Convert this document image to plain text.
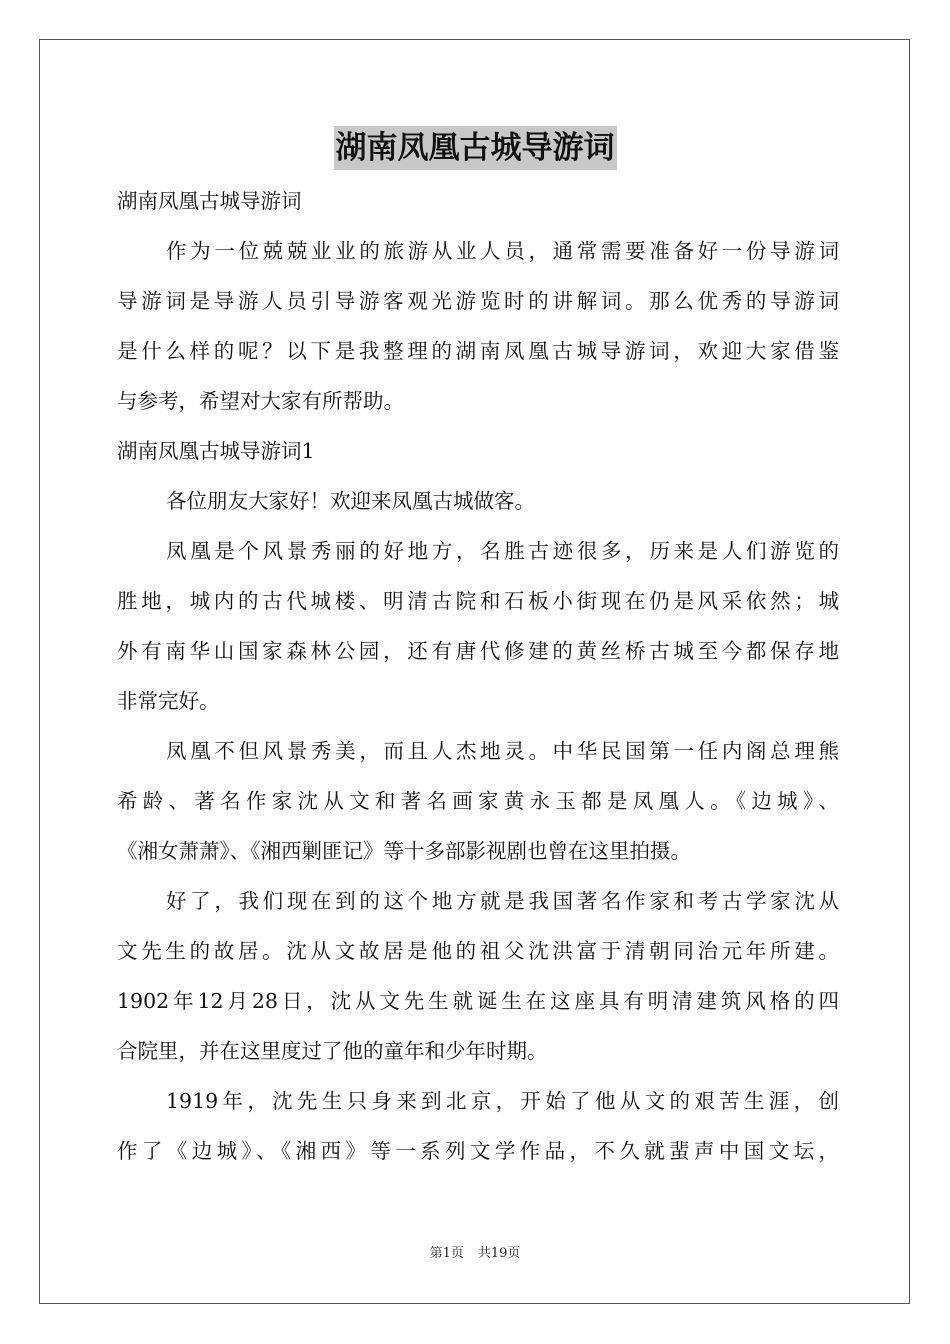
湖南凤凰古城导游词
湖南凤凰古城导游词
作为一位兢兢业业的旅游从业人员，通常需要准备好一份导游词
导游词是导游人员引导游客观光游览时的讲解词。那么优秀的导游词
是什么样的呢？以下是我整理的湖南凤凰古城导游词，欢迎大家借鉴
与参考，希望对大家有所帮助。
湖南凤凰古城导游词1
各位朋友大家好！欢迎来凤凰古城做客。
凤凰是个风景秀丽的好地方，名胜古迹很多，历来是人们游览的
胜地，城内的古代城楼、明清古院和石板小街现在仍是风采依然；城
外有南华山国家森林公园，还有唐代修建的黄丝桥古城至今都保存地
非常完好。
凤凰不但风景秀美，而且人杰地灵。中华民国第一任内阁总理熊
希龄、著名作家沈从文和著名画家黄永玉都是凤凰人。《边城》、
《湘女萧萧》、《湘西剿匪记》等十多部影视剧也曾在这里拍摄。
好了，我们现在到的这个地方就是我国著名作家和考古学家沈从
文先生的故居。沈从文故居是他的祖父沈洪富于清朝同治元年所建。
1902年12月28日，沈从文先生就诞生在这座具有明清建筑风格的四
合院里，并在这里度过了他的童年和少年时期。
1919年，沈先生只身来到北京，开始了他从文的艰苦生涯，创
作了《边城》、《湘西》等一系列文学作品，不久就蜚声中国文坛，
第1页 共19页
